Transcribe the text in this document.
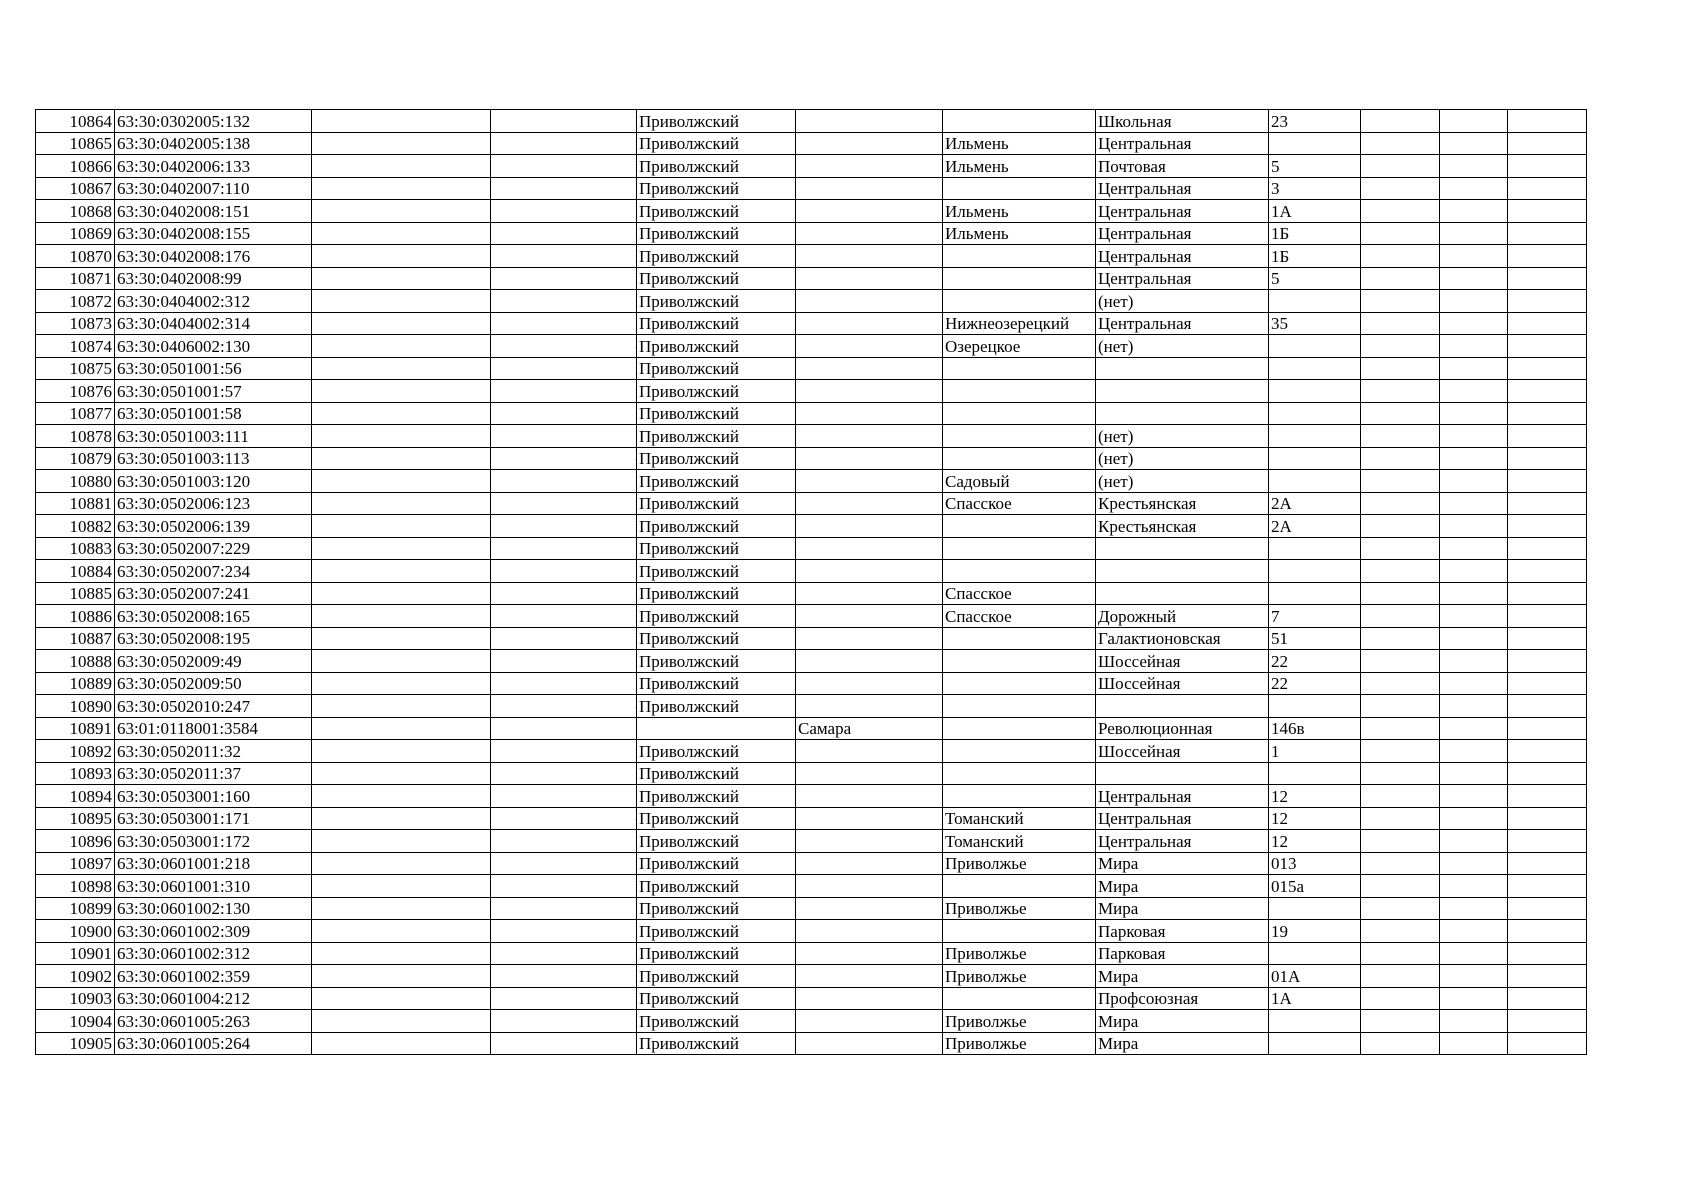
10864	63:30:0302005:132			Приволжский			Школьная	23			
10865	63:30:0402005:138			Приволжский		Ильмень	Центральная				
10866	63:30:0402006:133			Приволжский		Ильмень	Почтовая	5			
10867	63:30:0402007:110			Приволжский			Центральная	3			
10868	63:30:0402008:151			Приволжский		Ильмень	Центральная	1А			
10869	63:30:0402008:155			Приволжский		Ильмень	Центральная	1Б			
10870	63:30:0402008:176			Приволжский			Центральная	1Б			
10871	63:30:0402008:99			Приволжский			Центральная	5			
10872	63:30:0404002:312			Приволжский			(нет)				
10873	63:30:0404002:314			Приволжский		Нижнеозерецкий	Центральная	35			
10874	63:30:0406002:130			Приволжский		Озерецкое	(нет)				
10875	63:30:0501001:56			Приволжский							
10876	63:30:0501001:57			Приволжский							
10877	63:30:0501001:58			Приволжский							
10878	63:30:0501003:111			Приволжский			(нет)				
10879	63:30:0501003:113			Приволжский			(нет)				
10880	63:30:0501003:120			Приволжский		Садовый	(нет)				
10881	63:30:0502006:123			Приволжский		Спасское	Крестьянская	2А			
10882	63:30:0502006:139			Приволжский			Крестьянская	2А			
10883	63:30:0502007:229			Приволжский							
10884	63:30:0502007:234			Приволжский							
10885	63:30:0502007:241			Приволжский		Спасское					
10886	63:30:0502008:165			Приволжский		Спасское	Дорожный	7			
10887	63:30:0502008:195			Приволжский			Галактионовская	51			
10888	63:30:0502009:49			Приволжский			Шоссейная	22			
10889	63:30:0502009:50			Приволжский			Шоссейная	22			
10890	63:30:0502010:247			Приволжский							
10891	63:01:0118001:3584				Самара		Революционная	146в			
10892	63:30:0502011:32			Приволжский			Шоссейная	1			
10893	63:30:0502011:37			Приволжский							
10894	63:30:0503001:160			Приволжский			Центральная	12			
10895	63:30:0503001:171			Приволжский		Томанский	Центральная	12			
10896	63:30:0503001:172			Приволжский		Томанский	Центральная	12			
10897	63:30:0601001:218			Приволжский		Приволжье	Мира	013			
10898	63:30:0601001:310			Приволжский			Мира	015а			
10899	63:30:0601002:130			Приволжский		Приволжье	Мира				
10900	63:30:0601002:309			Приволжский			Парковая	19			
10901	63:30:0601002:312			Приволжский		Приволжье	Парковая				
10902	63:30:0601002:359			Приволжский		Приволжье	Мира	01А			
10903	63:30:0601004:212			Приволжский			Профсоюзная	1А			
10904	63:30:0601005:263			Приволжский		Приволжье	Мира				
10905	63:30:0601005:264			Приволжский		Приволжье	Мира				
